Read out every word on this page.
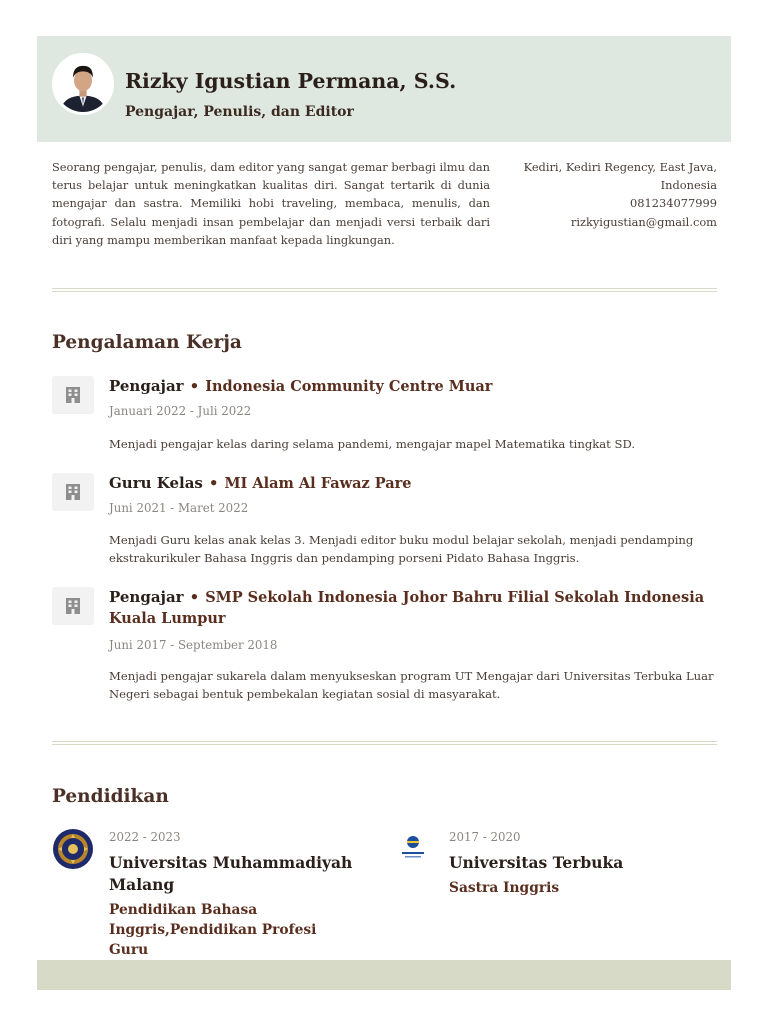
Rizky Igustian Permana, S.S.
Pengajar, Penulis, dan Editor
Seorang pengajar, penulis, dam editor yang sangat gemar berbagi ilmu dan terus belajar untuk meningkatkan kualitas diri. Sangat tertarik di dunia mengajar dan sastra. Memiliki hobi traveling, membaca, menulis, dan fotografi. Selalu menjadi insan pembelajar dan menjadi versi terbaik dari diri yang mampu memberikan manfaat kepada lingkungan.
Kediri, Kediri Regency, East Java, Indonesia
081234077999
rizkyigustian@gmail.com
Pengalaman Kerja
Pengajar • Indonesia Community Centre Muar
Januari 2022 - Juli 2022
Menjadi pengajar kelas daring selama pandemi, mengajar mapel Matematika tingkat SD.
Guru Kelas • MI Alam Al Fawaz Pare
Juni 2021 - Maret 2022
Menjadi Guru kelas anak kelas 3. Menjadi editor buku modul belajar sekolah, menjadi pendamping ekstrakurikuler Bahasa Inggris dan pendamping porseni Pidato Bahasa Inggris.
Pengajar • SMP Sekolah Indonesia Johor Bahru Filial Sekolah Indonesia Kuala Lumpur
Juni 2017 - September 2018
Menjadi pengajar sukarela dalam menyukseskan program UT Mengajar dari Universitas Terbuka Luar Negeri sebagai bentuk pembekalan kegiatan sosial di masyarakat.
Pendidikan
2022 - 2023
Universitas Muhammadiyah Malang
Pendidikan Bahasa Inggris,Pendidikan Profesi Guru
2017 - 2020
Universitas Terbuka
Sastra Inggris
